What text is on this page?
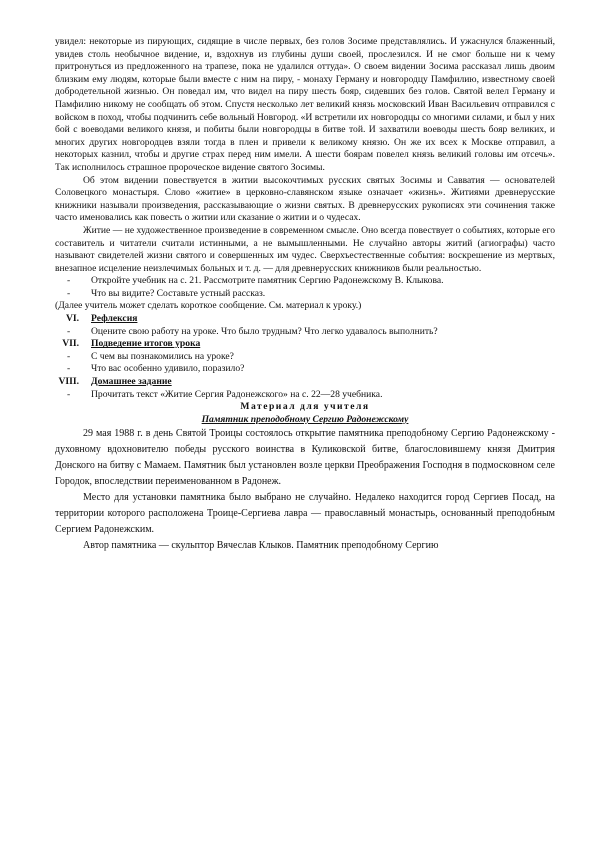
увидел: некоторые из пирующих, сидящие в числе первых, без голов Зосиме представлялись. И ужаснулся блаженный, увидев столь необычное видение, и, вздохнув из глубины души своей, прослезился. И не смог больше ни к чему притронуться из предложенного на трапезе, пока не удалился оттуда». О своем видении Зосима рассказал лишь двоим близким ему людям, которые были вместе с ним на пиру, - монаху Герману и новгородцу Памфилию, известному своей добродетельной жизнью. Он поведал им, что видел на пиру шесть бояр, сидевших без голов. Святой велел Герману и Памфилию никому не сообщать об этом. Спустя несколько лет великий князь московский Иван Васильевич отправился с войском в поход, чтобы подчинить себе вольный Новгород. «И встретили их новгородцы со многими силами, и был у них бой с воеводами великого князя, и побиты были новгородцы в битве той. И захватили воеводы шесть бояр великих, и многих других новгородцев взяли тогда в плен и привели к великому князю. Он же их всех к Москве отправил, а некоторых казнил, чтобы и другие страх перед ним имели. А шести боярам повелел князь великий головы им отсечь». Так исполнилось страшное пророческое видение святого Зосимы.

Об этом видении повествуется в житии высокочтимых русских святых Зосимы и Савватия — основателей Соловецкого монастыря. Слово «житие» в церковно-славянском языке означает «жизнь». Житиями древнерусские книжники называли произведения, рассказывающие о жизни святых. В древнерусских рукописях эти сочинения также часто именовались как повесть о житии или сказание о житии и о чудесах.

Житие — не художественное произведение в современном смысле. Оно всегда повествует о событиях, которые его составитель и читатели считали истинными, а не вымышленными. Не случайно авторы житий (агиографы) часто называют свидетелей жизни святого и совершенных им чудес. Сверхъестественные события: воскрешение из мертвых, внезапное исцеление неизлечимых больных и т. д. — для древнерусских книжников были реальностью.

- Откройте учебник на с. 21. Рассмотрите памятник Сергию Радонежскому В. Клыкова.
- Что вы видите? Составьте устный рассказ.

(Далее учитель может сделать короткое сообщение. См. материал к уроку.)

VI. Рефлексия
- Оцените свою работу на уроке. Что было трудным? Что легко удавалось выполнить?
VII. Подведение итогов урока
- С чем вы познакомились на уроке?
- Что вас особенно удивило, поразило?
VIII. Домашнее задание
- Прочитать текст «Житие Сергия Радонежского» на с. 22—28 учебника.

Материал для учителя

Памятник преподобному Сергию Радонежскому

29 мая 1988 г. в день Святой Троицы состоялось открытие памятника преподобному Сергию Радонежскому - духовному вдохновителю победы русского воинства в Куликовской битве, благословившему князя Дмитрия Донского на битву с Мамаем. Памятник был установлен возле церкви Преображения Господня в подмосковном селе Городок, впоследствии переименованном в Радонеж.

Место для установки памятника было выбрано не случайно. Недалеко находится город Сергиев Посад, на территории которого расположена Троице-Сергиева лавра — православный монастырь, основанный преподобным Сергием Радонежским.

Автор памятника — скульптор Вячеслав Клыков. Памятник преподобному Сергию
